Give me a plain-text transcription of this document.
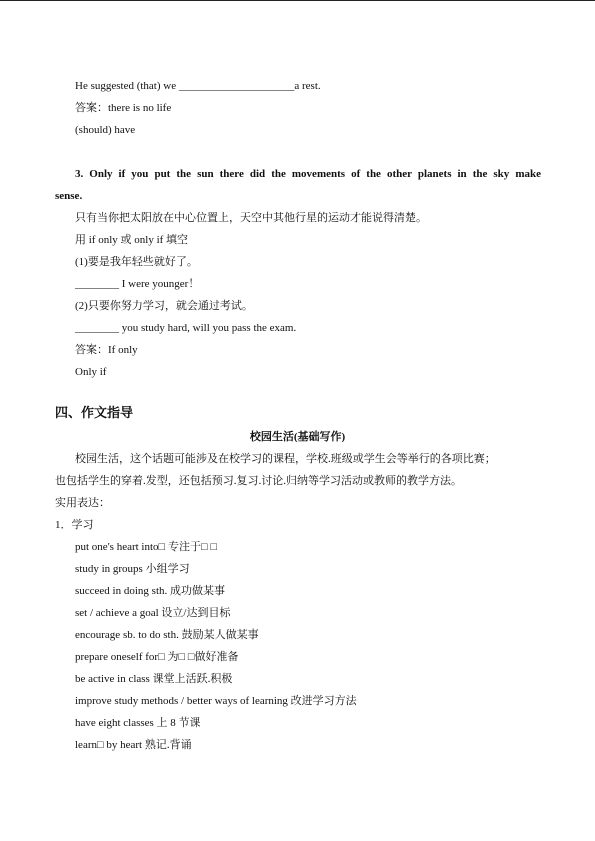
He suggested (that) we _____________________a rest.
答案：there is no life
(should) have
3. Only if you put the sun there did the movements of the other planets in the sky make
sense.
只有当你把太阳放在中心位置上，天空中其他行星的运动才能说得清楚。
用 if only 或 only if 填空
(1)要是我年轻些就好了。
________ I were younger！
(2)只要你努力学习，就会通过考试。
________ you study hard, will you pass the exam.
答案：If only
Only if
四、作文指导
校园生活(基础写作)
校园生活，这个话题可能涉及在校学习的课程，学校.班级或学生会等举行的各项比赛；
也包括学生的穿着.发型，还包括预习.复习.讨论.归纳等学习活动或教师的教学方法。
实用表达：
1．学习
put one's heart into□ 专注于□ □
study in groups 小组学习
succeed in doing sth. 成功做某事
set / achieve a goal 设立/达到目标
encourage sb. to do sth. 鼓励某人做某事
prepare oneself for□ 为□ □做好准备
be active in class 课堂上活跃.积极
improve study methods / better ways of learning 改进学习方法
have eight classes 上 8 节课
learn□ by heart 熟记.背诵
